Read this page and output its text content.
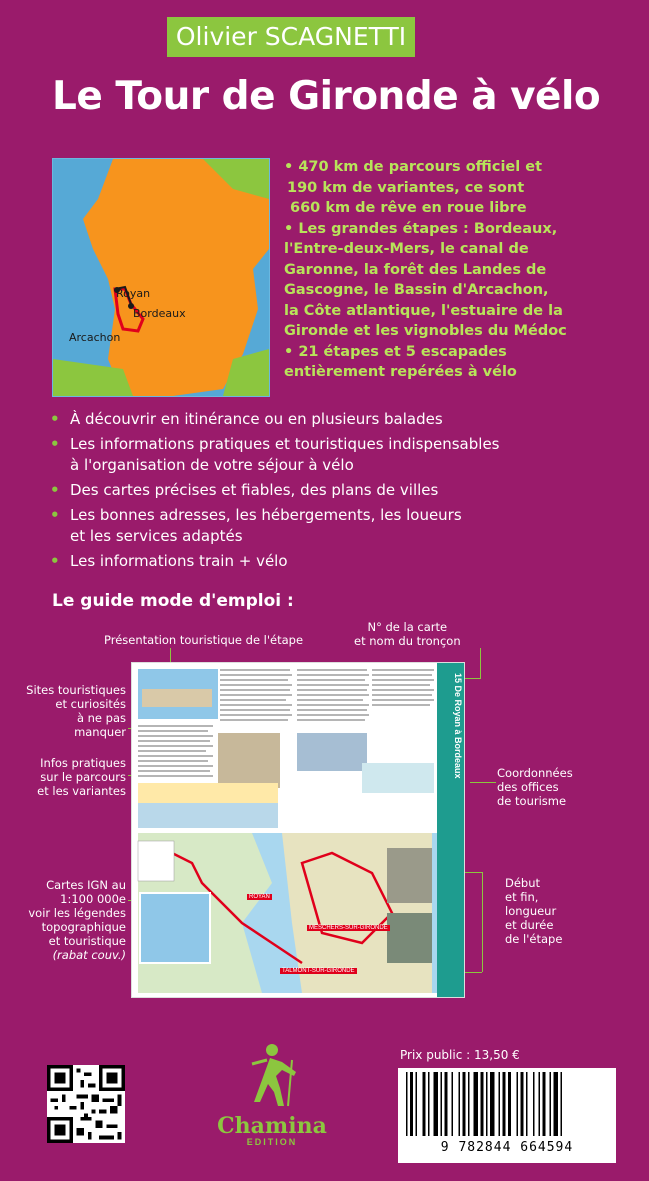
Olivier SCAGNETTI
Le Tour de Gironde à vélo
Royan
Bordeaux
Arcachon

• 470 km de parcours officiel et

190 km de variantes, ce sont

660 km de rêve en roue libre

• Les grandes étapes : Bordeaux,

l'Entre-deux-Mers, le canal de

Garonne, la forêt des Landes de

Gascogne, le Bassin d'Arcachon,

la Côte atlantique, l'estuaire de la

Gironde et les vignobles du Médoc

• 21 étapes et 5 escapades

entièrement repérées à vélo

• À découvrir en itinérance ou en plusieurs balades
• Les informations pratiques et touristiques indispensables
à l'organisation de votre séjour à vélo
• Des cartes précises et fiables, des plans de villes
• Les bonnes adresses, les hébergements, les loueurs
et les services adaptés
• Les informations train + vélo
Le guide mode d'emploi :
Présentation touristique de l'étape
N° de la carte
et nom du tronçon
Sites touristiques
et curiosités
à ne pas
manquer
Infos pratiques
sur le parcours
et les variantes
Coordonnées
des offices
de tourisme
Cartes IGN au
1:100 000e
voir les légendes
topographique
et touristique
(rabat couv.)
Début
et fin,
longueur
et durée
de l'étape
15 De Royan à Bordeaux
ROYAN
TALMONT-SUR-GIRONDE
MESCHERS-SUR-GIRONDE
Chamina
EDITION
Prix public : 13,50 €
9 782844 664594
